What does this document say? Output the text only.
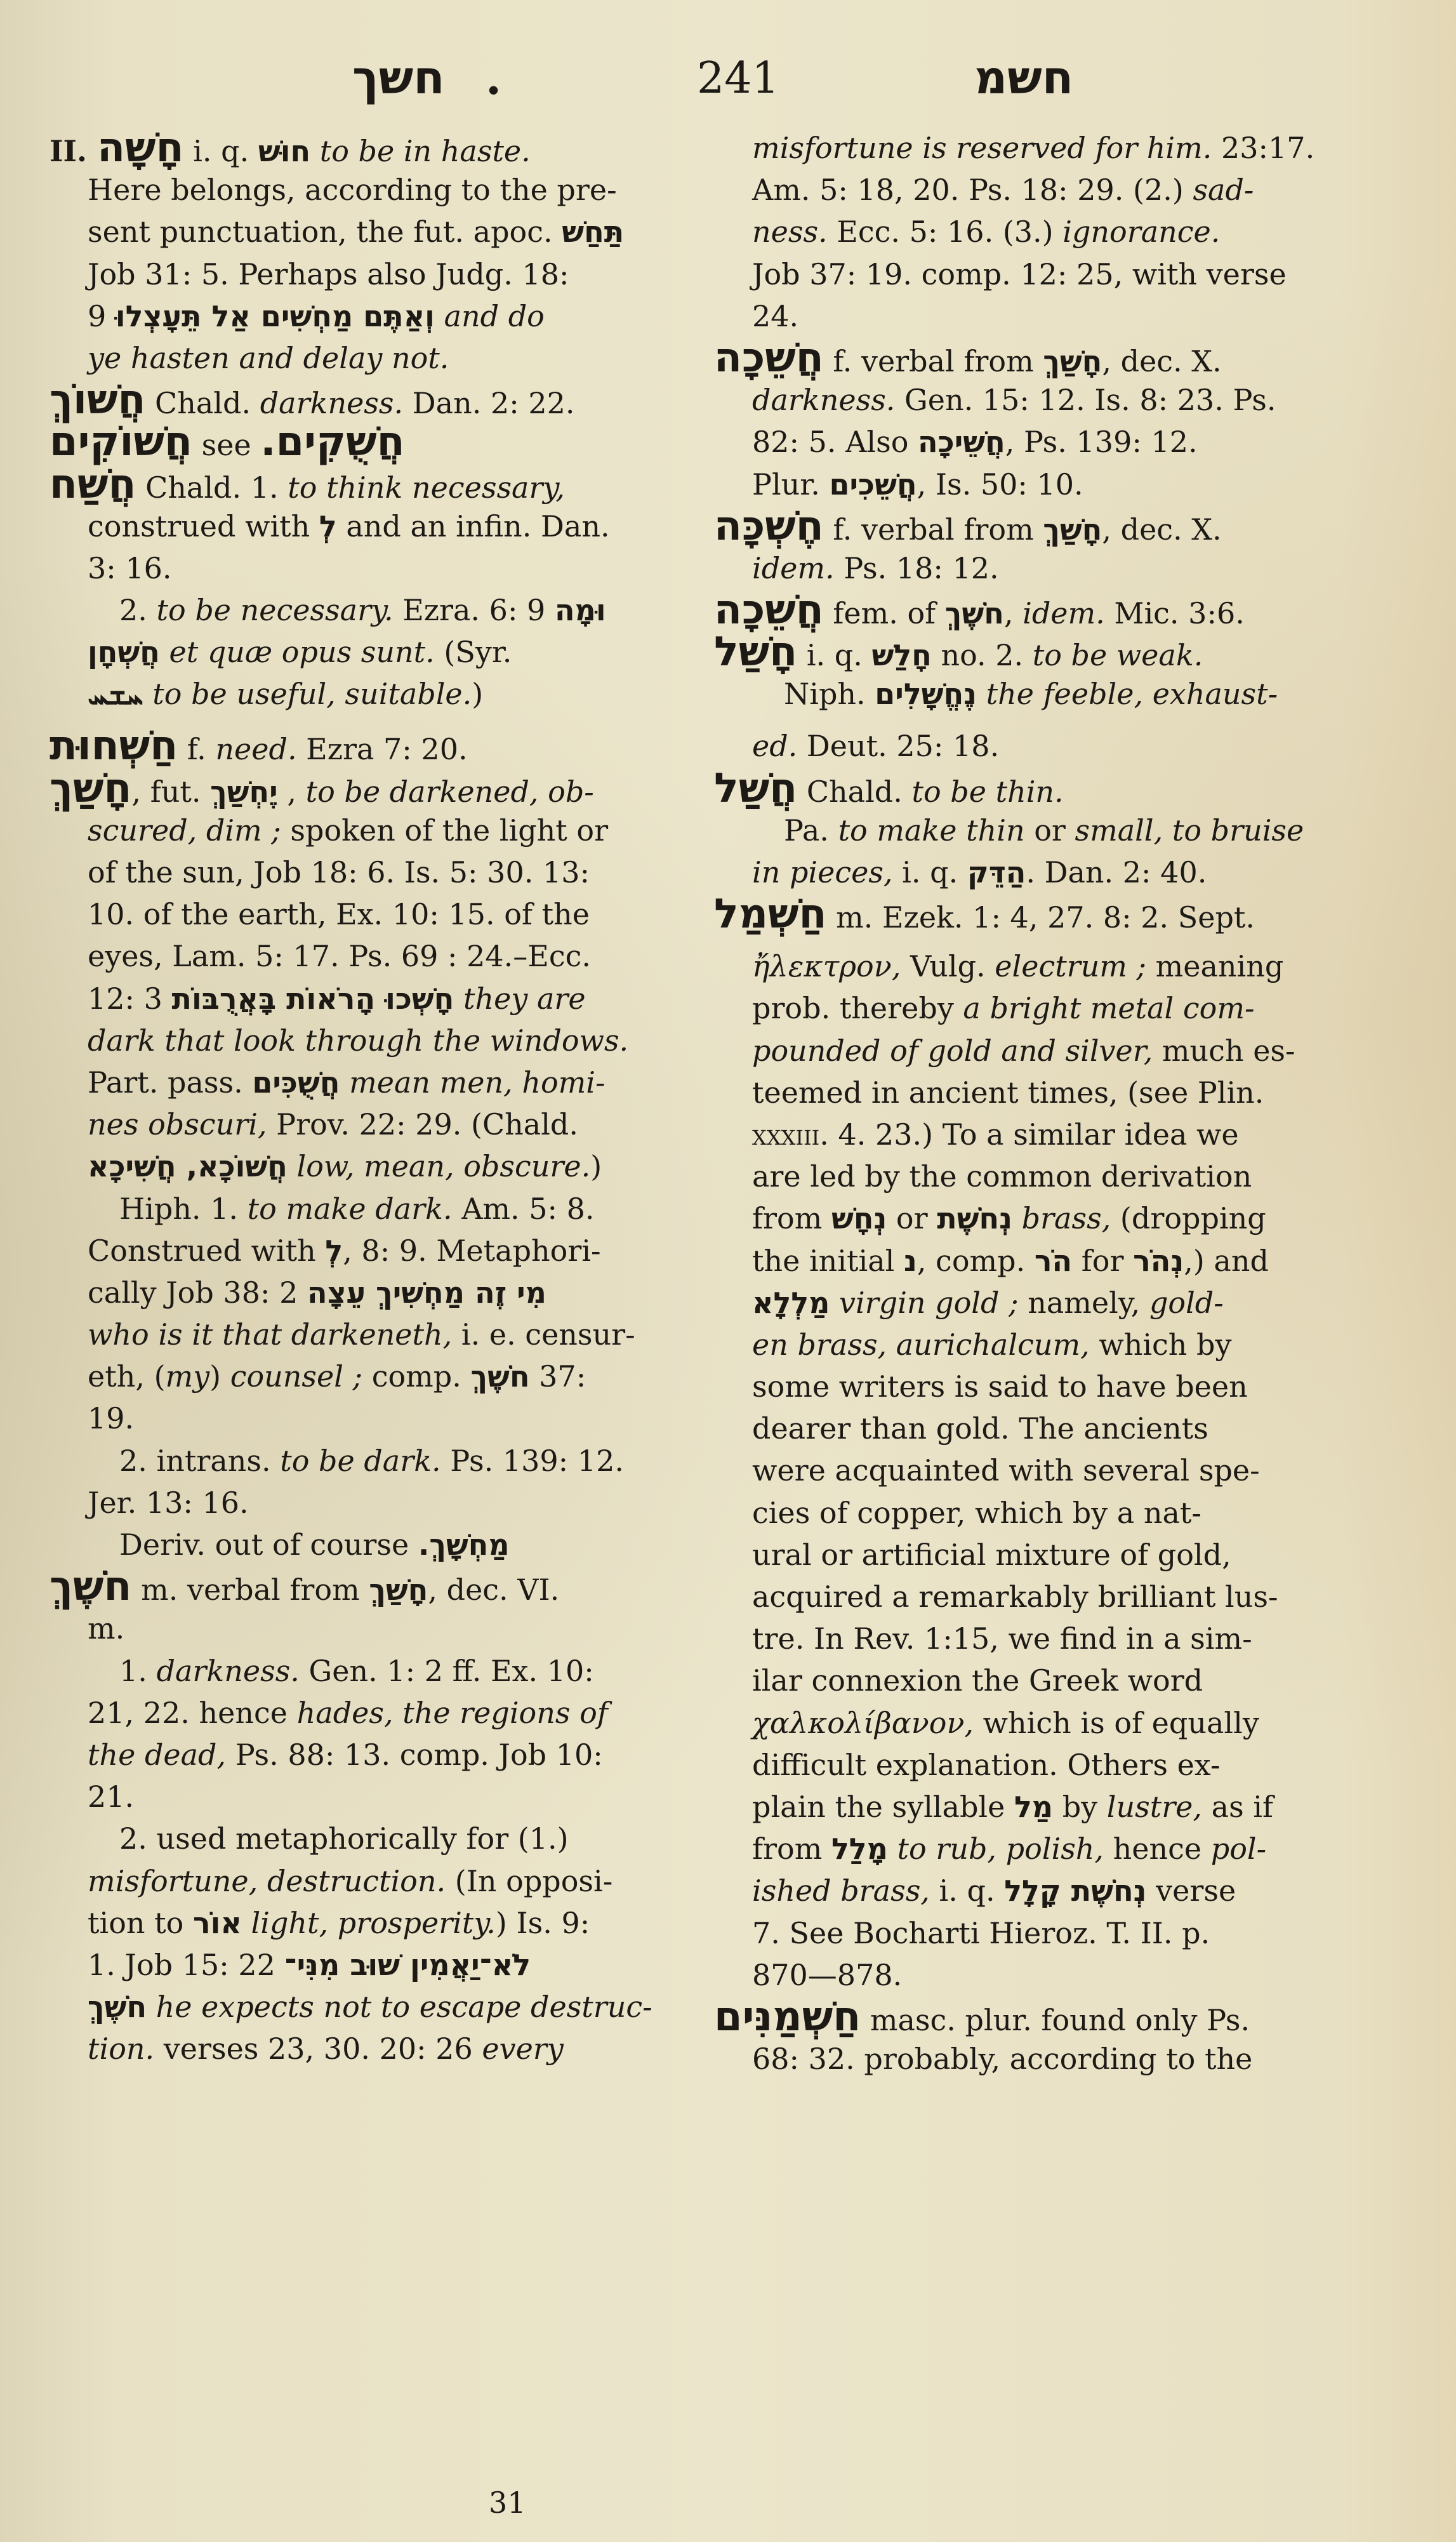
חשך .	241	חשמ
II. חָשָׁה i. q. חוּשׁ to be in haste.
Here belongs, according to the pre-
sent punctuation, the fut. apoc. תַּחַשׁ
Job 31: 5. Perhaps also Judg. 18:
9 וְאַתֶּם מַחְשִׁים אַל תֵּעָצְלוּ and do
ye hasten and delay not.
חֲשׁוֹךְ Chald. darkness. Dan. 2: 22.
חֲשׁוֹקִים see חֲשֻׁקִים.
חֲשַׁח Chald. 1. to think necessary,
construed with לְ and an infin. Dan.
3: 16.
2. to be necessary. Ezra. 6: 9 וּמָה
חֲשְׁחָן et quæ opus sunt. (Syr.
ܚܫܚ to be useful, suitable.)
חַשְׁחוּת f. need. Ezra 7: 20.
חָשַׁךְ, fut. יֶחְשַׁךְ , to be darkened, ob-
scured, dim ; spoken of the light or
of the sun, Job 18: 6. Is. 5: 30. 13:
10. of the earth, Ex. 10: 15. of the
eyes, Lam. 5: 17. Ps. 69 : 24.–Ecc.
12: 3 חָשְׁכוּ הָרֹאוֹת בָּאֲרֻבּוֹת they are
dark that look through the windows.
Part. pass. חֲשֻׁכִּים mean men, homi-
nes obscuri, Prov. 22: 29. (Chald.
חֲשׁוֹכָא, חֲשִׁיכָא low, mean, obscure.)
Hiph. 1. to make dark. Am. 5: 8.
Construed with לְ, 8: 9. Metaphori-
cally Job 38: 2 מִי זֶה מַחְשִׁיךְ עֵצָה
who is it that darkeneth, i. e. censur-
eth, (my) counsel ; comp. חֹשֶׁךְ 37:
19.
2. intrans. to be dark. Ps. 139: 12.
Jer. 13: 16.
Deriv. out of course מַחְשָׁךְ.
חֹשֶׁךְ m. verbal from חָשַׁךְ, dec. VI.
m.
1. darkness. Gen. 1: 2 ff. Ex. 10:
21, 22. hence hades, the regions of
the dead, Ps. 88: 13. comp. Job 10:
21.
2. used metaphorically for (1.)
misfortune, destruction. (In opposi-
tion to אוֹר light, prosperity.) Is. 9:
1. Job 15: 22 לֹא־יַאֲמִין שׁוּב מִנִּי־
חֹשֶׁךְ he expects not to escape destruc-
tion. verses 23, 30. 20: 26 every
misfortune is reserved for him. 23:17.
Am. 5: 18, 20. Ps. 18: 29. (2.) sad-
ness. Ecc. 5: 16. (3.) ignorance.
Job 37: 19. comp. 12: 25, with verse
24.
חֲשֵׁכָה f. verbal from חָשַׁךְ, dec. X.
darkness. Gen. 15: 12. Is. 8: 23. Ps.
82: 5. Also חֲשֵׁיכָה, Ps. 139: 12.
Plur. חֲשֵׁכִים, Is. 50: 10.
חֶשְׁכָּה f. verbal from חָשַׁךְ, dec. X.
idem. Ps. 18: 12.
חֲשֵׁכָה fem. of חֹשֶׁךְ, idem. Mic. 3:6.
חָשַׁל i. q. חָלַשׁ no. 2. to be weak.
Niph. נֶחֱשָׁלִים the feeble, exhaust-
ed. Deut. 25: 18.
חֲשַׁל Chald. to be thin.
Pa. to make thin or small, to bruise
in pieces, i. q. הַדֵּק. Dan. 2: 40.
חַשְׁמַל m. Ezek. 1: 4, 27. 8: 2. Sept.
ἤλεκτρον, Vulg. electrum ; meaning
prob. thereby a bright metal com-
pounded of gold and silver, much es-
teemed in ancient times, (see Plin.
xxxiii. 4. 23.) To a similar idea we
are led by the common derivation
from נְחָשׁ or נְחֹשֶׁת brass, (dropping
the initial נ, comp. הֹר for נְהֹר,) and
מַלְלָא virgin gold ; namely, gold-
en brass, aurichalcum, which by
some writers is said to have been
dearer than gold. The ancients
were acquainted with several spe-
cies of copper, which by a nat-
ural or artificial mixture of gold,
acquired a remarkably brilliant lus-
tre. In Rev. 1:15, we find in a sim-
ilar connexion the Greek word
χαλκολίβανον, which is of equally
difficult explanation. Others ex-
plain the syllable מַל by lustre, as if
from מָלַל to rub, polish, hence pol-
ished brass, i. q. נְחֹשֶׁת קָלָל verse
7. See Bocharti Hieroz. T. II. p.
870—878.
חַשְׁמַנִּים masc. plur. found only Ps.
68: 32. probably, according to the
31
